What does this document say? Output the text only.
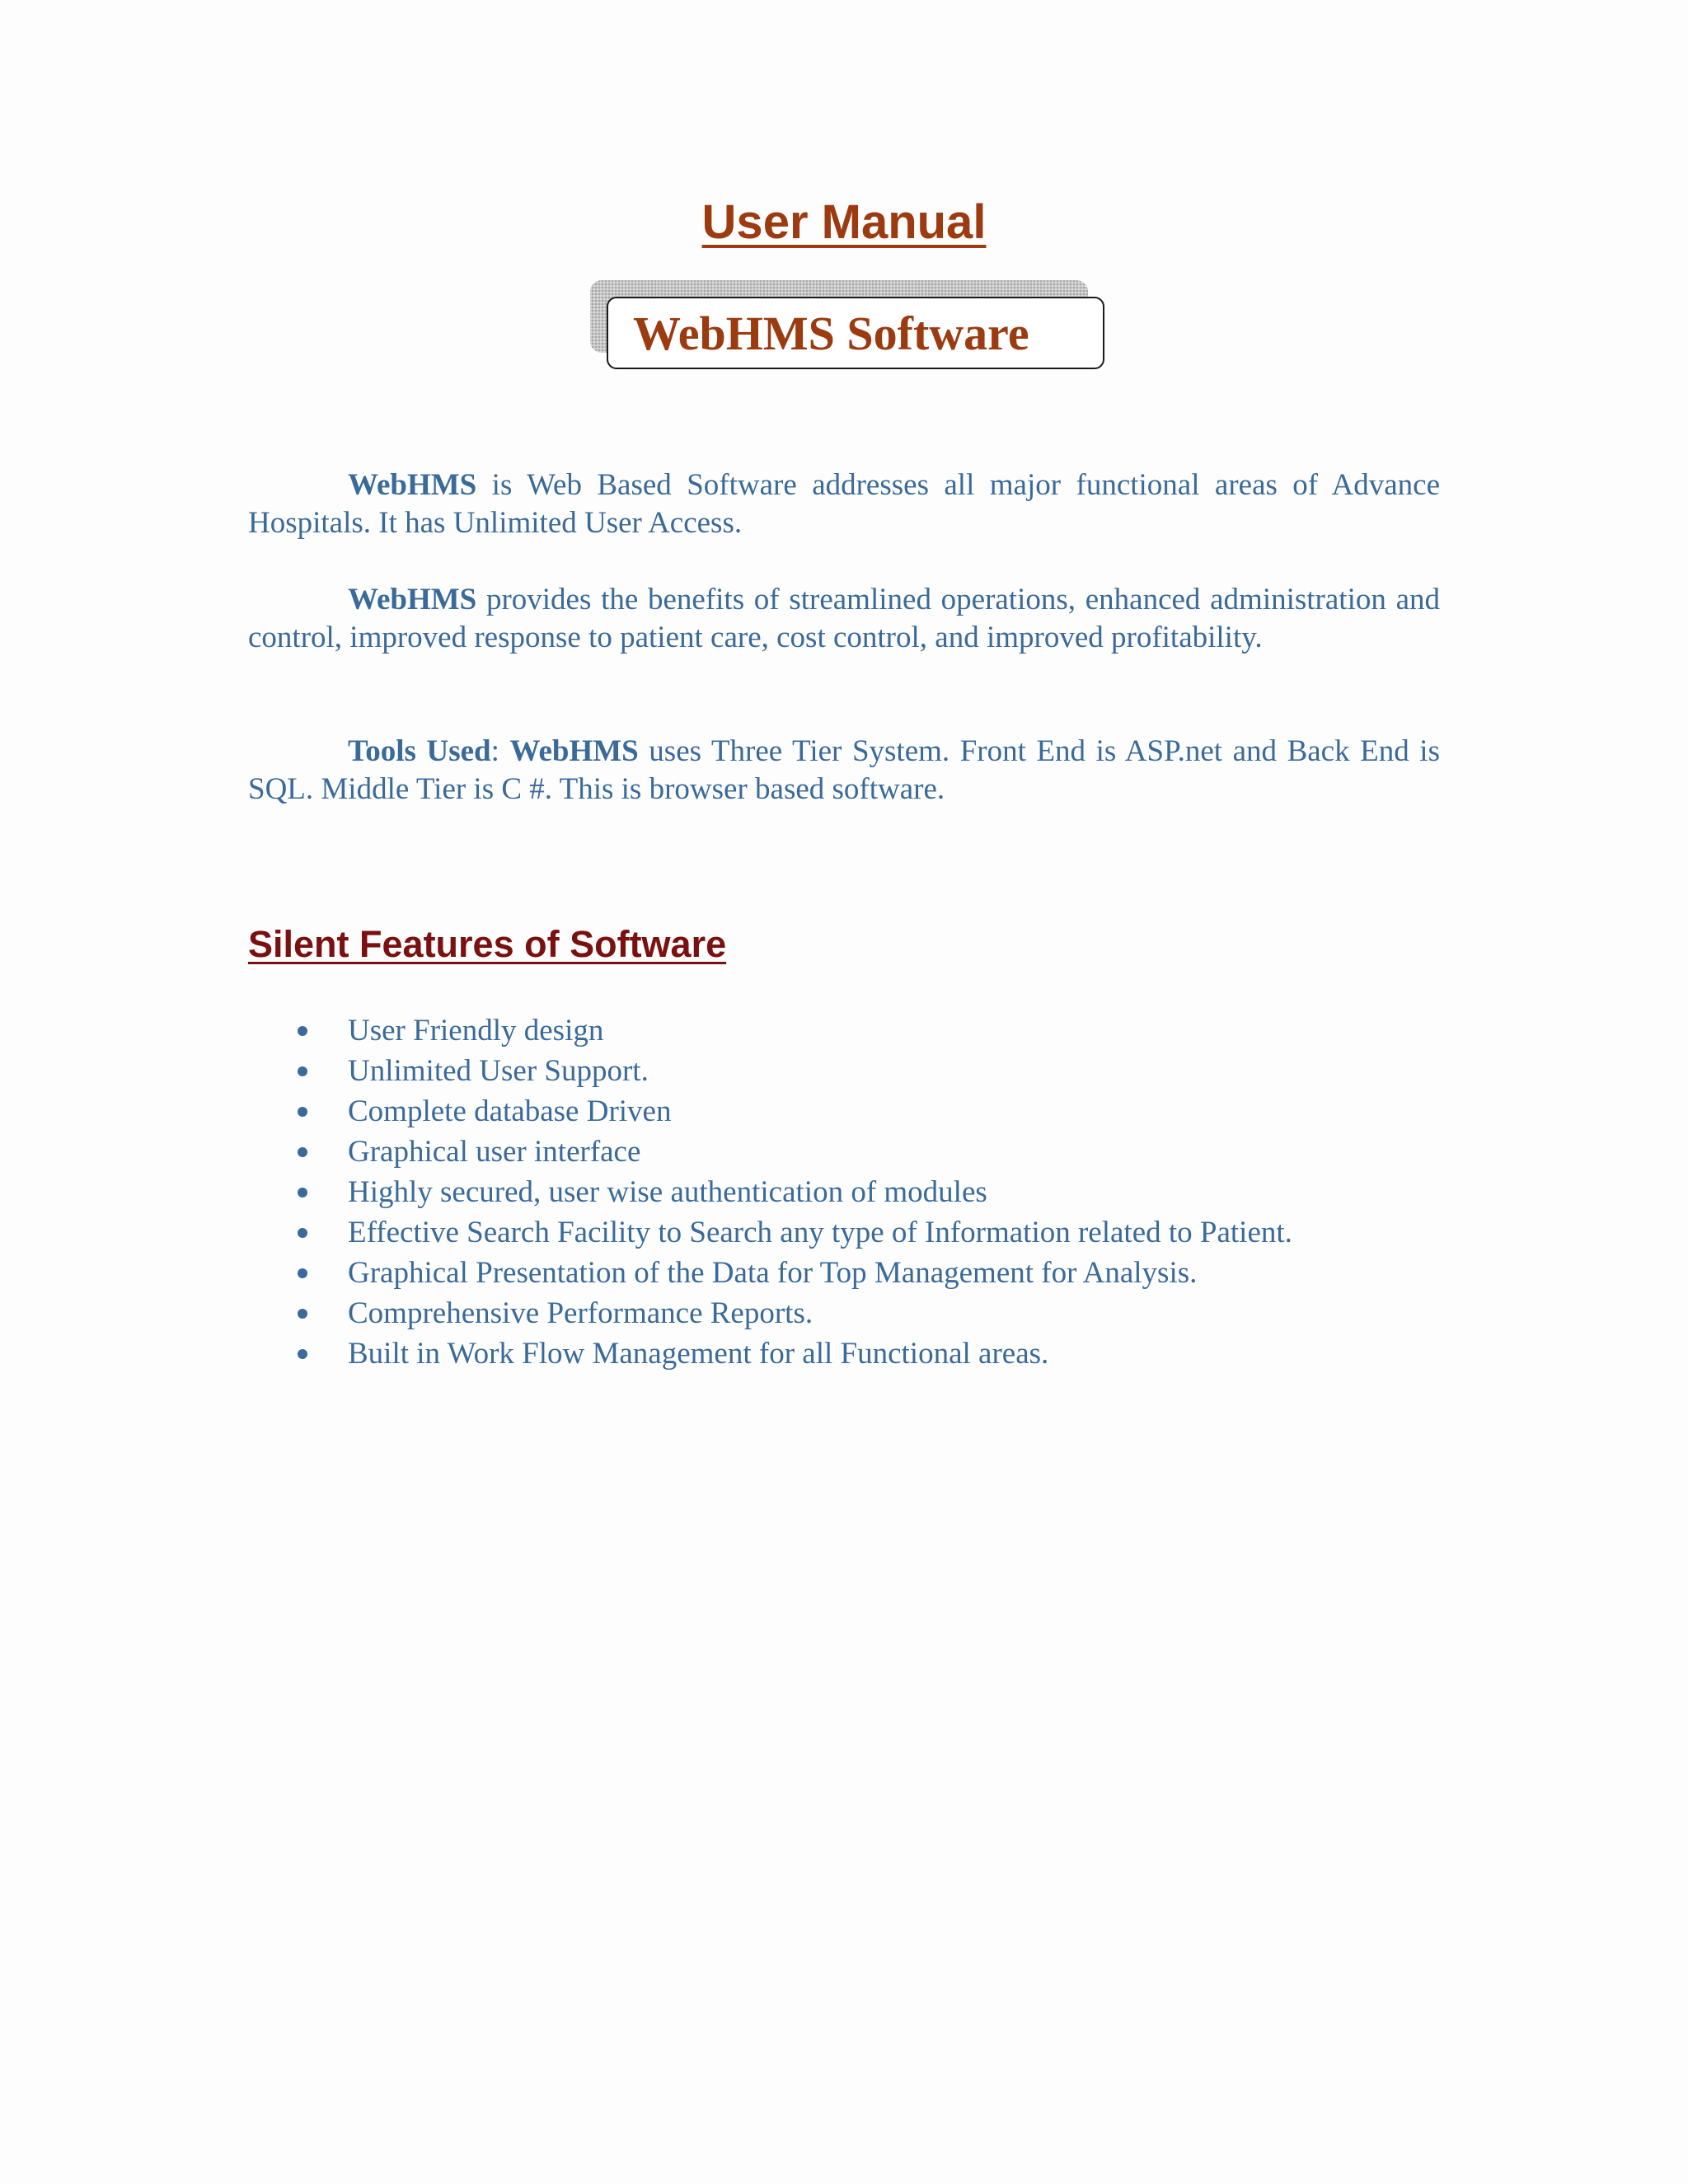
User Manual
WebHMS Software

WebHMS is Web Based Software addresses all major functional areas of Advance Hospitals. It has Unlimited User Access.

WebHMS provides the benefits of streamlined operations, enhanced administration and control, improved response to patient care, cost control, and improved profitability.

Tools Used: WebHMS uses Three Tier System. Front End is ASP.net and Back End is SQL. Middle Tier is C #. This is browser based software.

Silent Features of Software
User Friendly design
Unlimited User Support.
Complete database Driven
Graphical user interface
Highly secured, user wise authentication of modules
Effective Search Facility to Search any type of Information related to Patient.
Graphical Presentation of the Data for Top Management for Analysis.
Comprehensive Performance Reports.
Built in Work Flow Management for all Functional areas.
